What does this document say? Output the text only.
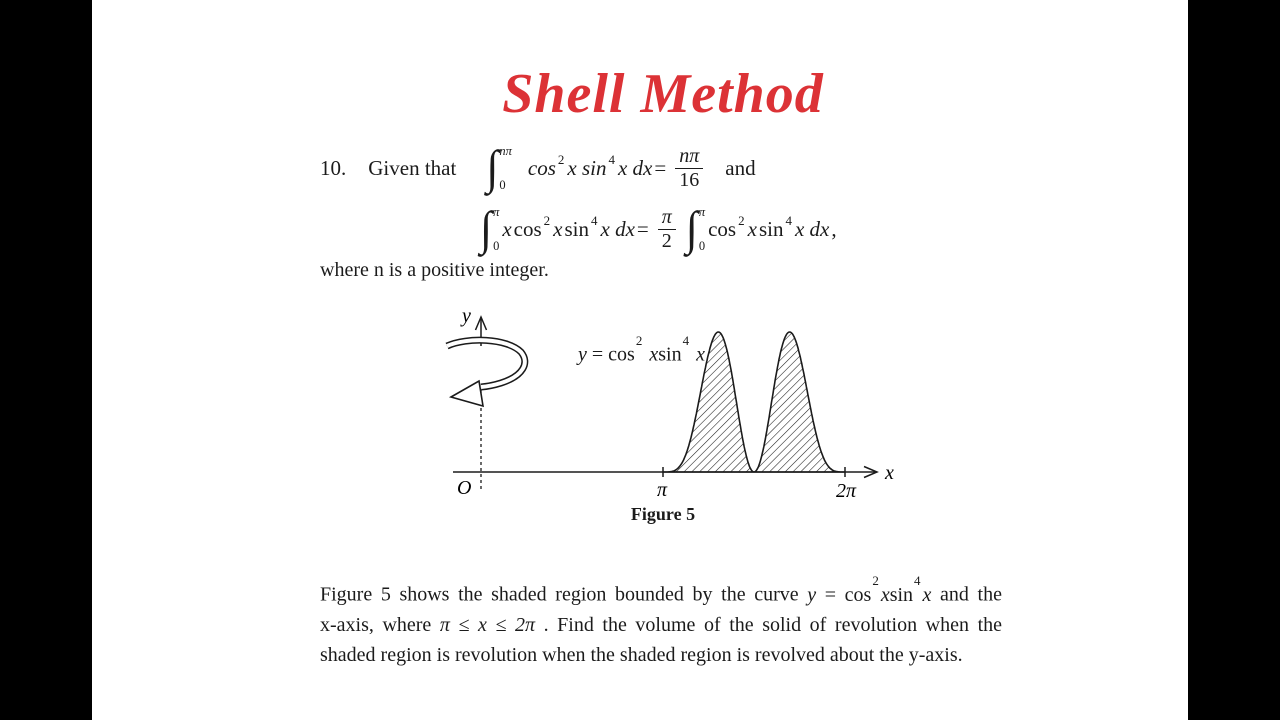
Shell Method
10. Given that ∫ nπ
0
$\cos^2 x$ $\sin^4 x$ dx = $\frac{n\pi}{16}$ and
∫ π
0
x $\cos^2 x$ $\sin^4 x$ dx = $\frac{\pi}{2}$ ∫ π
0
$\cos^2 x$ $\sin^4 x$ dx ,
where n is a positive integer.
y
x
O	π	2π
$y = \cos^2 xsin^4$ x
Figure 5
Figure 5 shows the shaded region bounded by the curve $y = \cos^2xsin^4x$ and the
x-axis, where π ≤ x ≤ 2π . Find the volume of the solid of revolution when the
shaded region is revolution when the shaded region is revolved about the y-axis.
